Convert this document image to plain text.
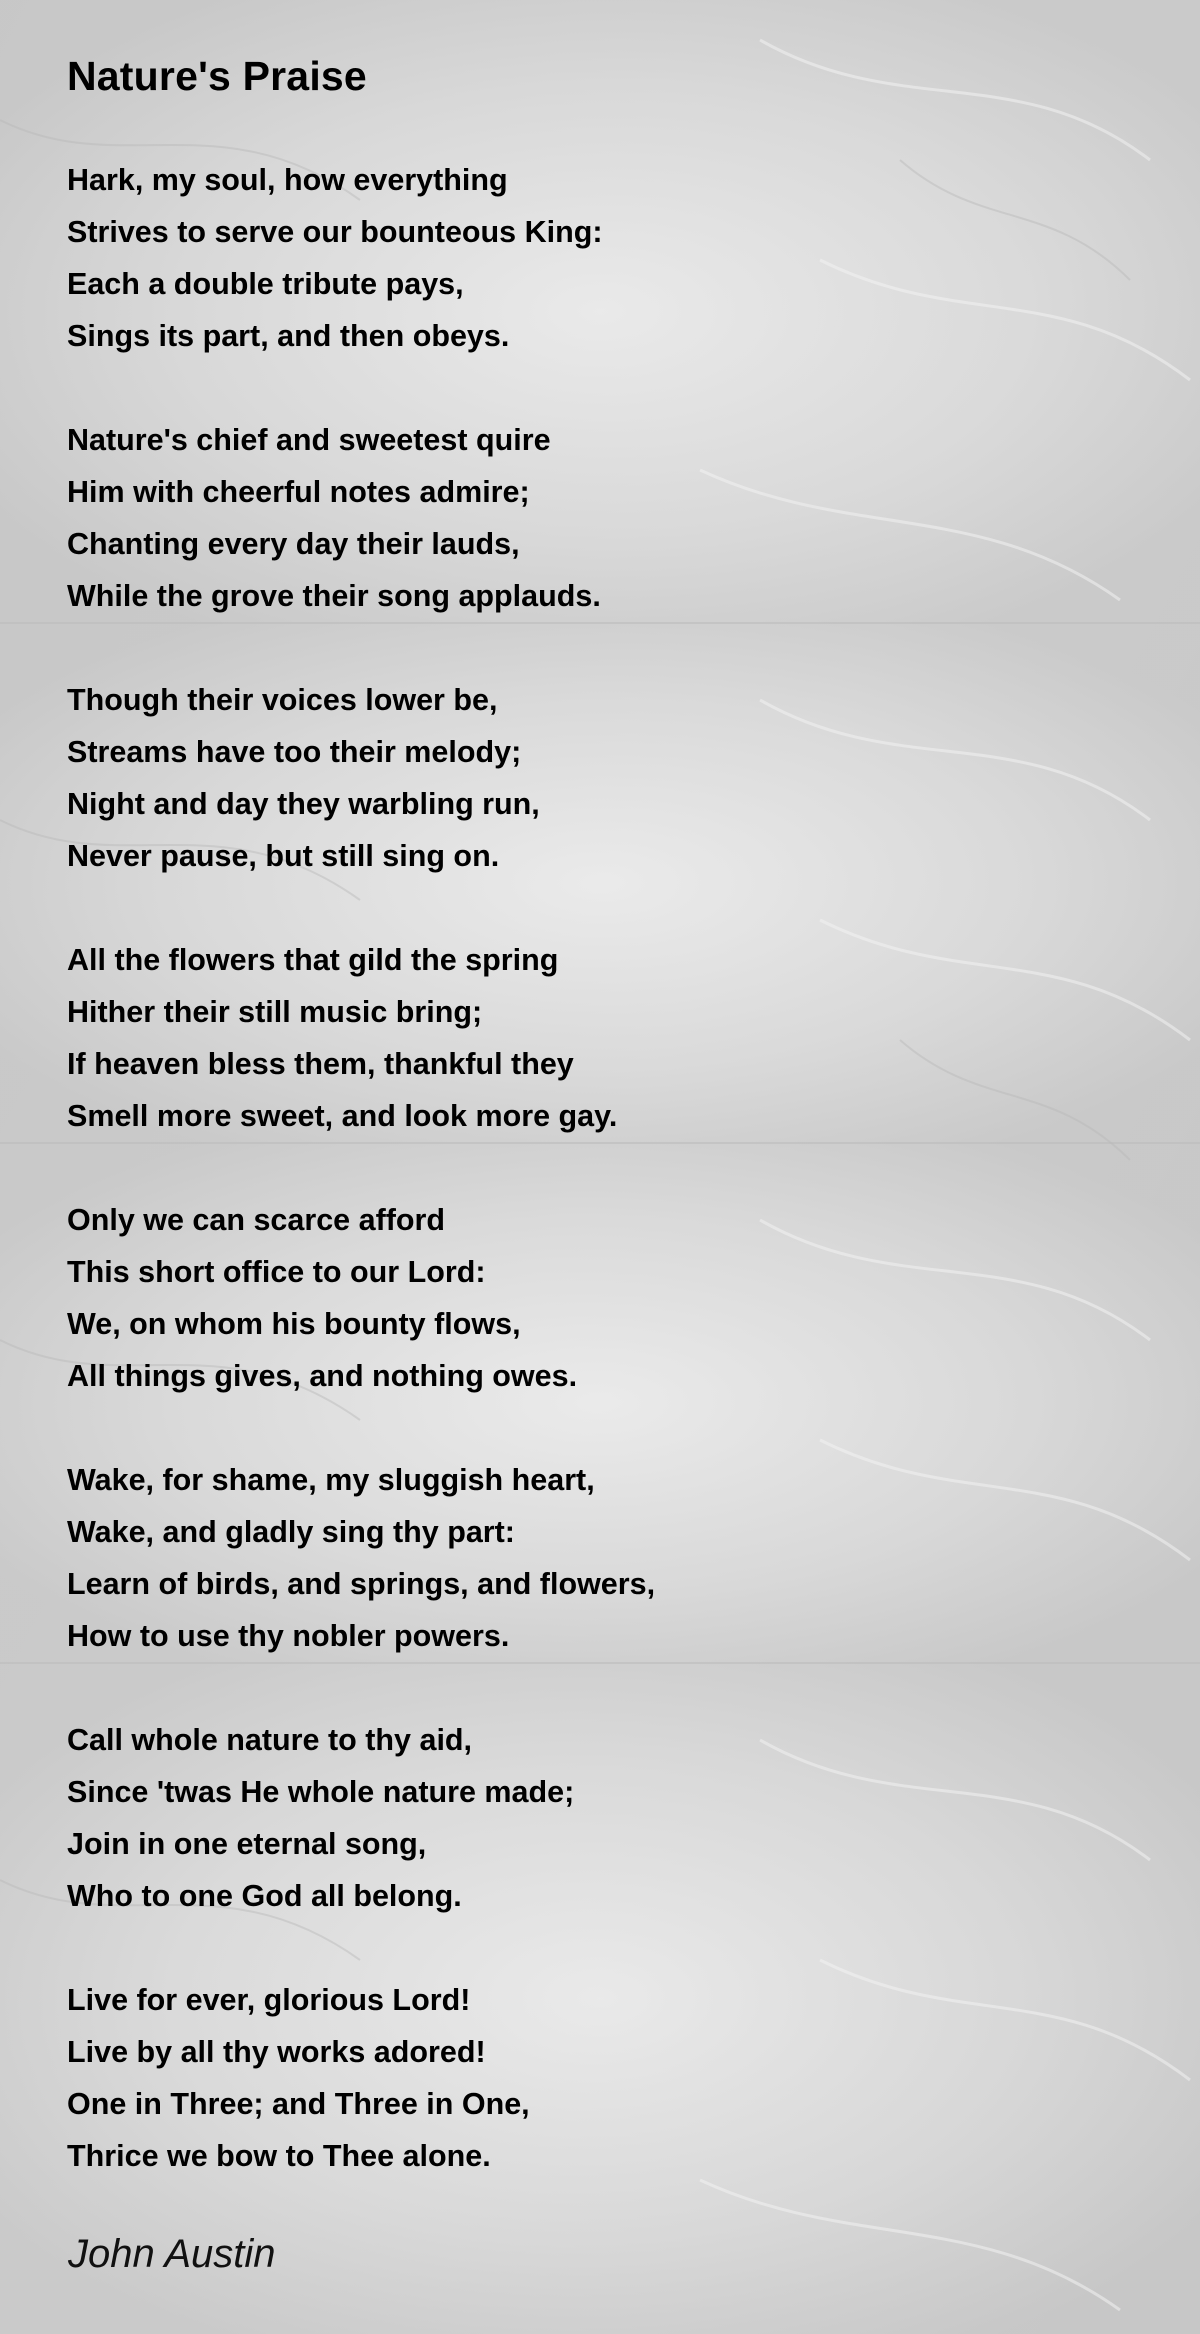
Nature's Praise
Hark, my soul, how everything
Strives to serve our bounteous King:
Each a double tribute pays,
Sings its part, and then obeys.
Nature's chief and sweetest quire
Him with cheerful notes admire;
Chanting every day their lauds,
While the grove their song applauds.
Though their voices lower be,
Streams have too their melody;
Night and day they warbling run,
Never pause, but still sing on.
All the flowers that gild the spring
Hither their still music bring;
If heaven bless them, thankful they
Smell more sweet, and look more gay.
Only we can scarce afford
This short office to our Lord:
We, on whom his bounty flows,
All things gives, and nothing owes.
Wake, for shame, my sluggish heart,
Wake, and gladly sing thy part:
Learn of birds, and springs, and flowers,
How to use thy nobler powers.
Call whole nature to thy aid,
Since 'twas He whole nature made;
Join in one eternal song,
Who to one God all belong.
Live for ever, glorious Lord!
Live by all thy works adored!
One in Three; and Three in One,
Thrice we bow to Thee alone.
John Austin
